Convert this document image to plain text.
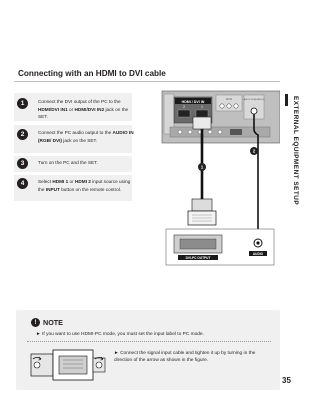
EXTERNAL EQUIPMENT SETUP
Connecting with an HDMI to DVI cable
1	Connect the DVI output of the PC to the HDMI/DVI IN1 or HDMI/DVI IN2 jack on the SET.
2	Connect the PC audio output to the AUDIO IN (RGB/ DVI) jack on the SET.
3	Turn on the PC and the SET.
4	Select HDMI 1 or HDMI 2 input source using the INPUT button on the remote control.
HDMI / DVI IN
2	1
AV IN	AUDIO IN (RGB/DVI)
1
2
DVI-PC OUTPUT
AUDIO
! NOTE
► If you want to use HDMI-PC mode, you must set the input label to PC mode.
► Connect the signal input cable and tighten it up by turning in the direction of the arrow as shown in the figure.
35
